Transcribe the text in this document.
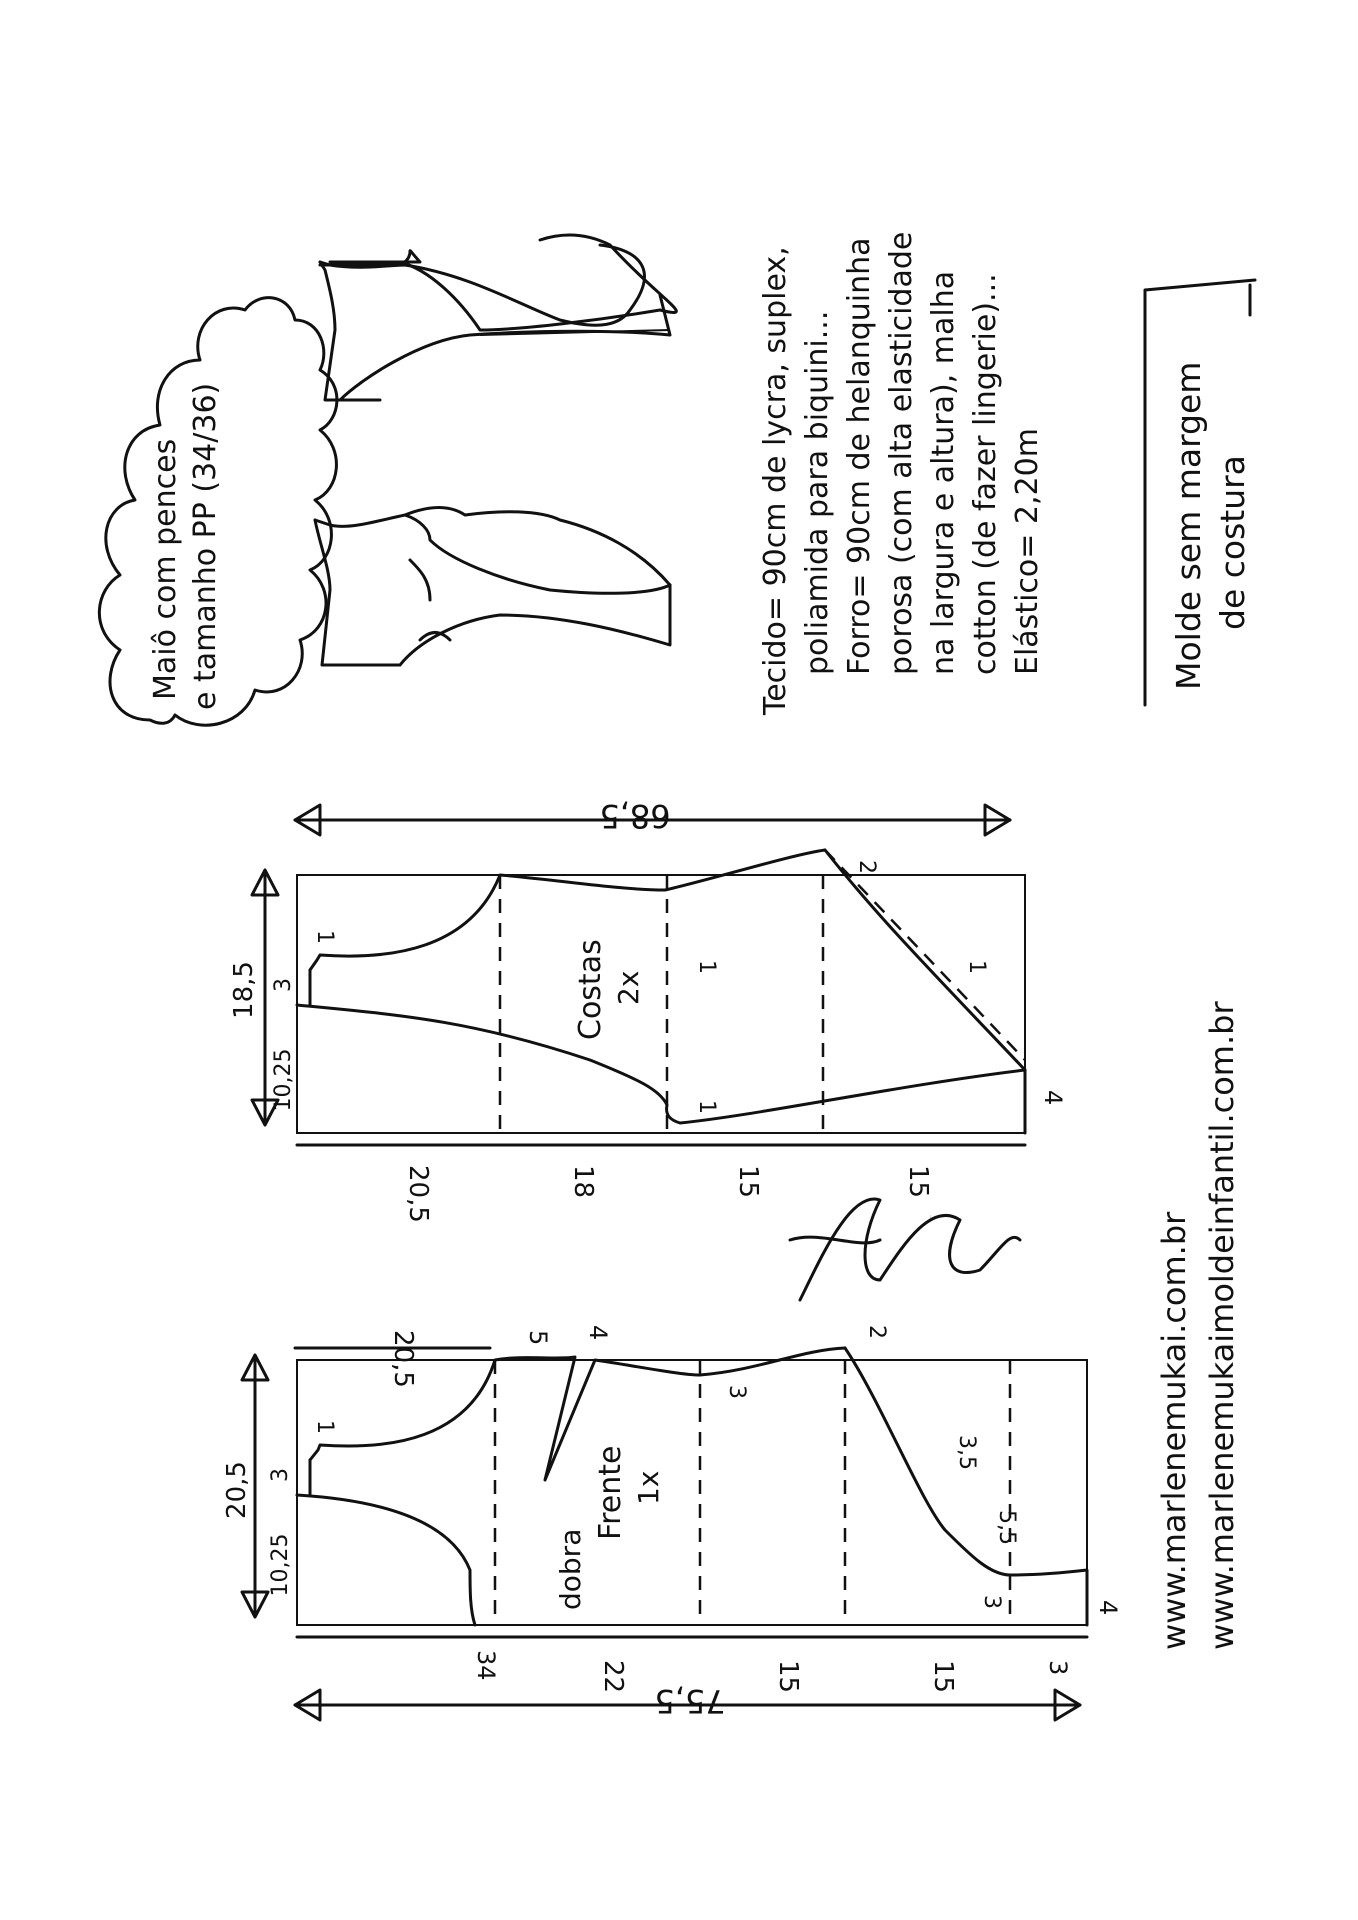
Maiô com pences e tamanho PP (34/36)	Tecido= 90cm de lycra, suplex, poliamida para biquini... Forro= 90cm de helanquinha porosa (com alta elasticidade na largura e altura), malha cotton (de fazer lingerie)... Elástico= 2,20m	Molde sem margem de costura
68,5
18,5 3
10,25
20,5	18	15	15
4
Costas 2x
1
1
1
1
2
Marlene Mukai
20,5	5 4
3
2
1
3,5
5,5
3
20,5 3
10,25
34	22	15	15	3
4
75,5
Frente 1x
dobra	www.marlenemukai.com.br www.marlenemukaimoldeinfantil.com.br
